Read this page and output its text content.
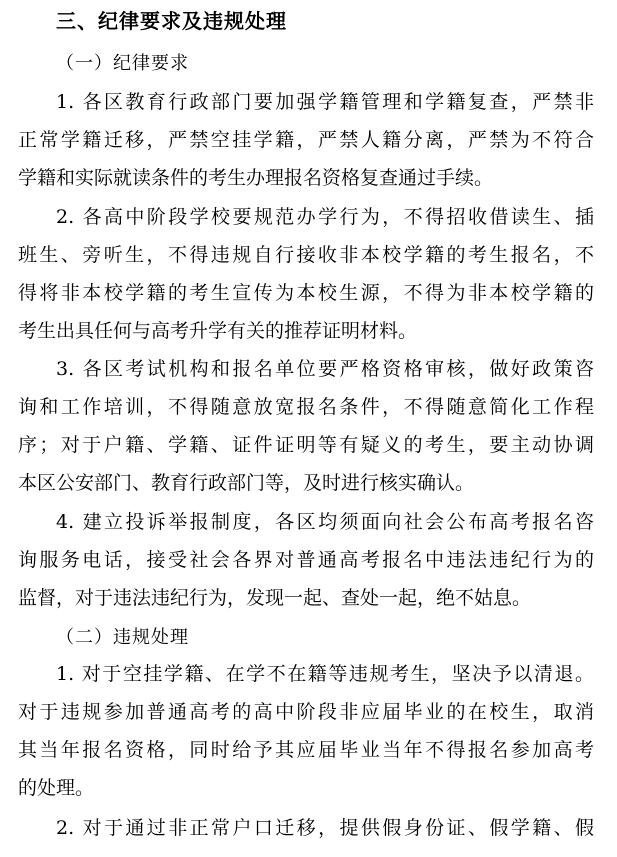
三、纪律要求及违规处理
（一）纪律要求
1. 各区教育行政部门要加强学籍管理和学籍复查，严禁非
正常学籍迁移，严禁空挂学籍，严禁人籍分离，严禁为不符合
学籍和实际就读条件的考生办理报名资格复查通过手续。
2. 各高中阶段学校要规范办学行为，不得招收借读生、插
班生、旁听生，不得违规自行接收非本校学籍的考生报名，不
得将非本校学籍的考生宣传为本校生源，不得为非本校学籍的
考生出具任何与高考升学有关的推荐证明材料。
3. 各区考试机构和报名单位要严格资格审核，做好政策咨
询和工作培训，不得随意放宽报名条件，不得随意简化工作程
序；对于户籍、学籍、证件证明等有疑义的考生，要主动协调
本区公安部门、教育行政部门等，及时进行核实确认。
4. 建立投诉举报制度，各区均须面向社会公布高考报名咨
询服务电话，接受社会各界对普通高考报名中违法违纪行为的
监督，对于违法违纪行为，发现一起、查处一起，绝不姑息。
（二）违规处理
1. 对于空挂学籍、在学不在籍等违规考生，坚决予以清退。
对于违规参加普通高考的高中阶段非应届毕业的在校生，取消
其当年报名资格，同时给予其应届毕业当年不得报名参加高考
的处理。
2. 对于通过非正常户口迁移，提供假身份证、假学籍、假
